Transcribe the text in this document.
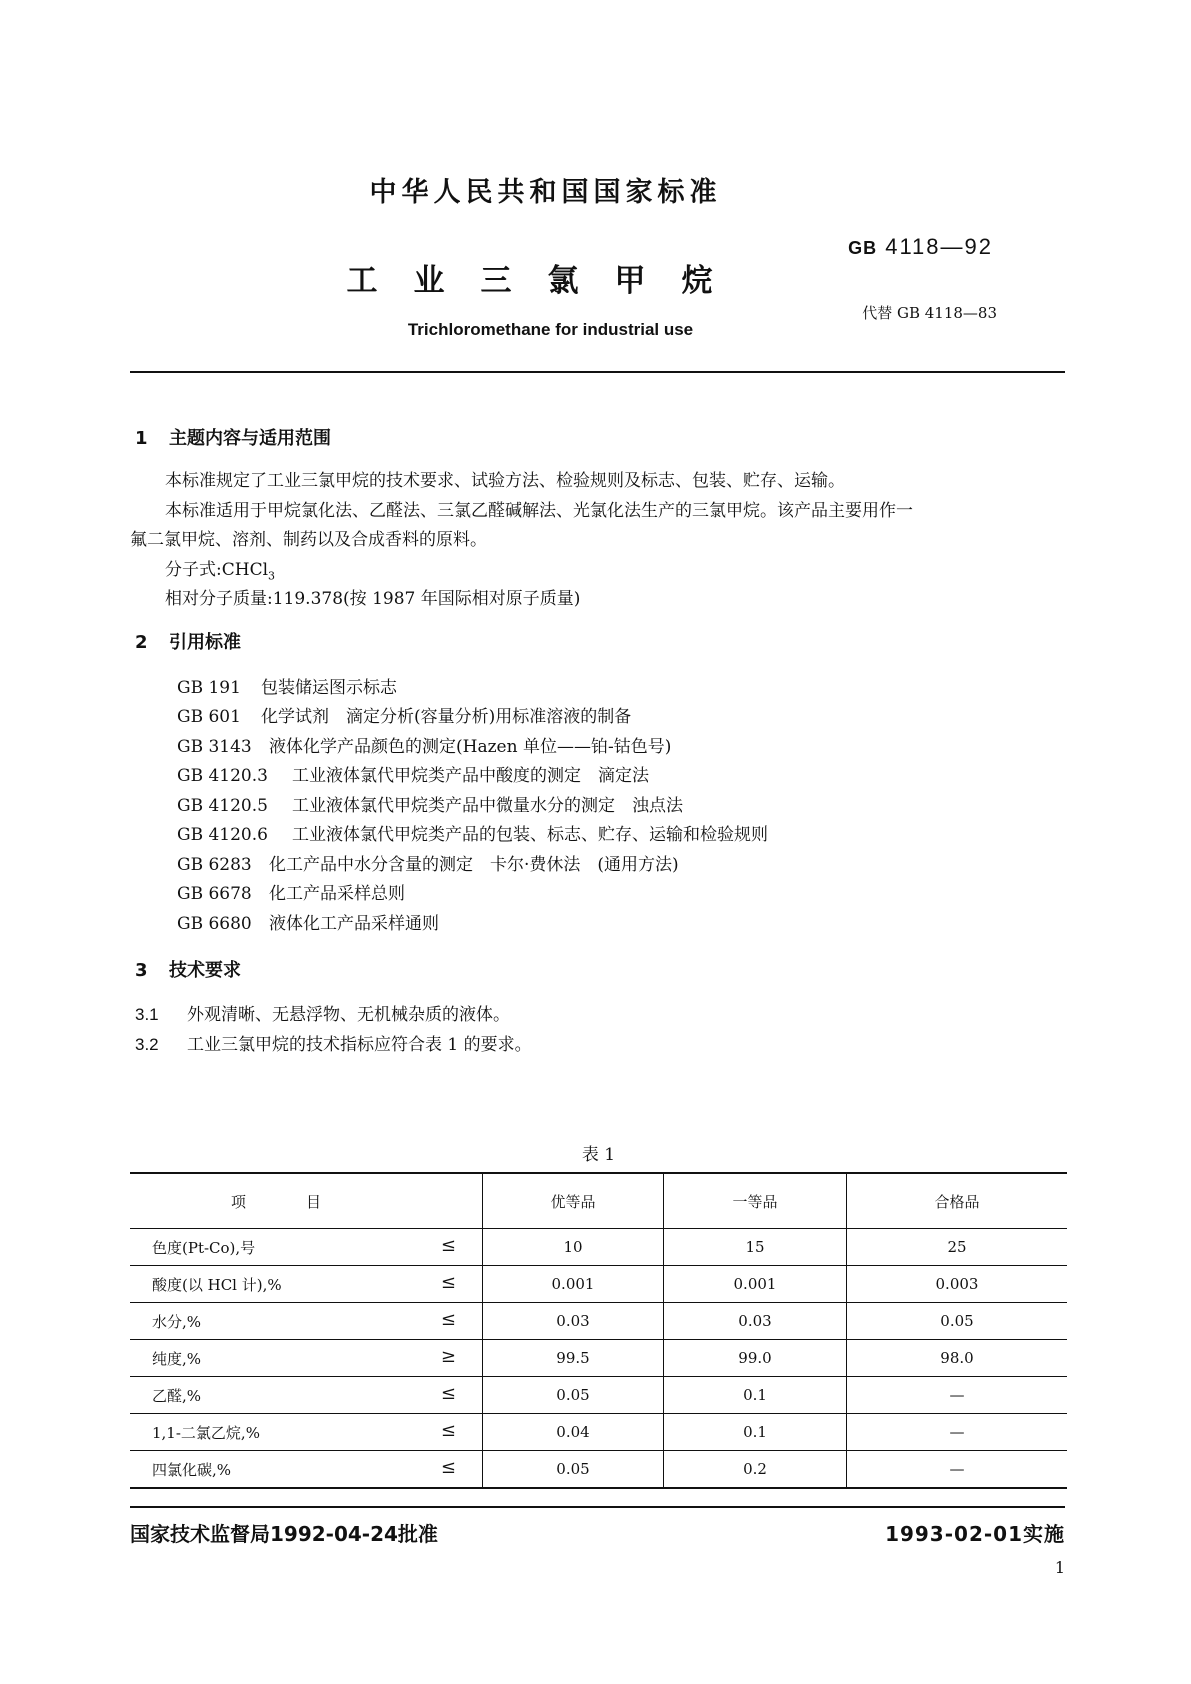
中华人民共和国国家标准
工业三氯甲烷
Trichloromethane for industrial use
GB 4118—92
代替 GB 4118—83
1 主题内容与适用范围
本标准规定了工业三氯甲烷的技术要求、试验方法、检验规则及标志、包装、贮存、运输。
本标准适用于甲烷氯化法、乙醛法、三氯乙醛碱解法、光氯化法生产的三氯甲烷。该产品主要用作一
氟二氯甲烷、溶剂、制药以及合成香料的原料。
分子式:CHCl$_3$
相对分子质量:119.378(按 1987 年国际相对原子质量)
2 引用标准
GB 191 包装储运图示标志
GB 601 化学试剂　滴定分析(容量分析)用标准溶液的制备
GB 3143 液体化学产品颜色的测定(Hazen 单位——铂-钴色号)
GB 4120.3 工业液体氯代甲烷类产品中酸度的测定　滴定法
GB 4120.5 工业液体氯代甲烷类产品中微量水分的测定　浊点法
GB 4120.6 工业液体氯代甲烷类产品的包装、标志、贮存、运输和检验规则
GB 6283 化工产品中水分含量的测定　卡尔·费休法　(通用方法)
GB 6678 化工产品采样总则
GB 6680 液体化工产品采样通则
3 技术要求
3.1 外观清晰、无悬浮物、无机械杂质的液体。
3.2 工业三氯甲烷的技术指标应符合表 1 的要求。
表 1
项目	优等品	一等品	合格品
色度(Pt-Co),号 ≤	10	15	25
酸度(以 HCl 计),% ≤	0.001	0.001	0.003
水分,% ≤	0.03	0.03	0.05
纯度,% ≥	99.5	99.0	98.0
乙醛,% ≤	0.05	0.1	—
1,1-二氯乙烷,% ≤	0.04	0.1	—
四氯化碳,% ≤	0.05	0.2	—
国家技术监督局1992-04-24批准	1993-02-01实施
1
